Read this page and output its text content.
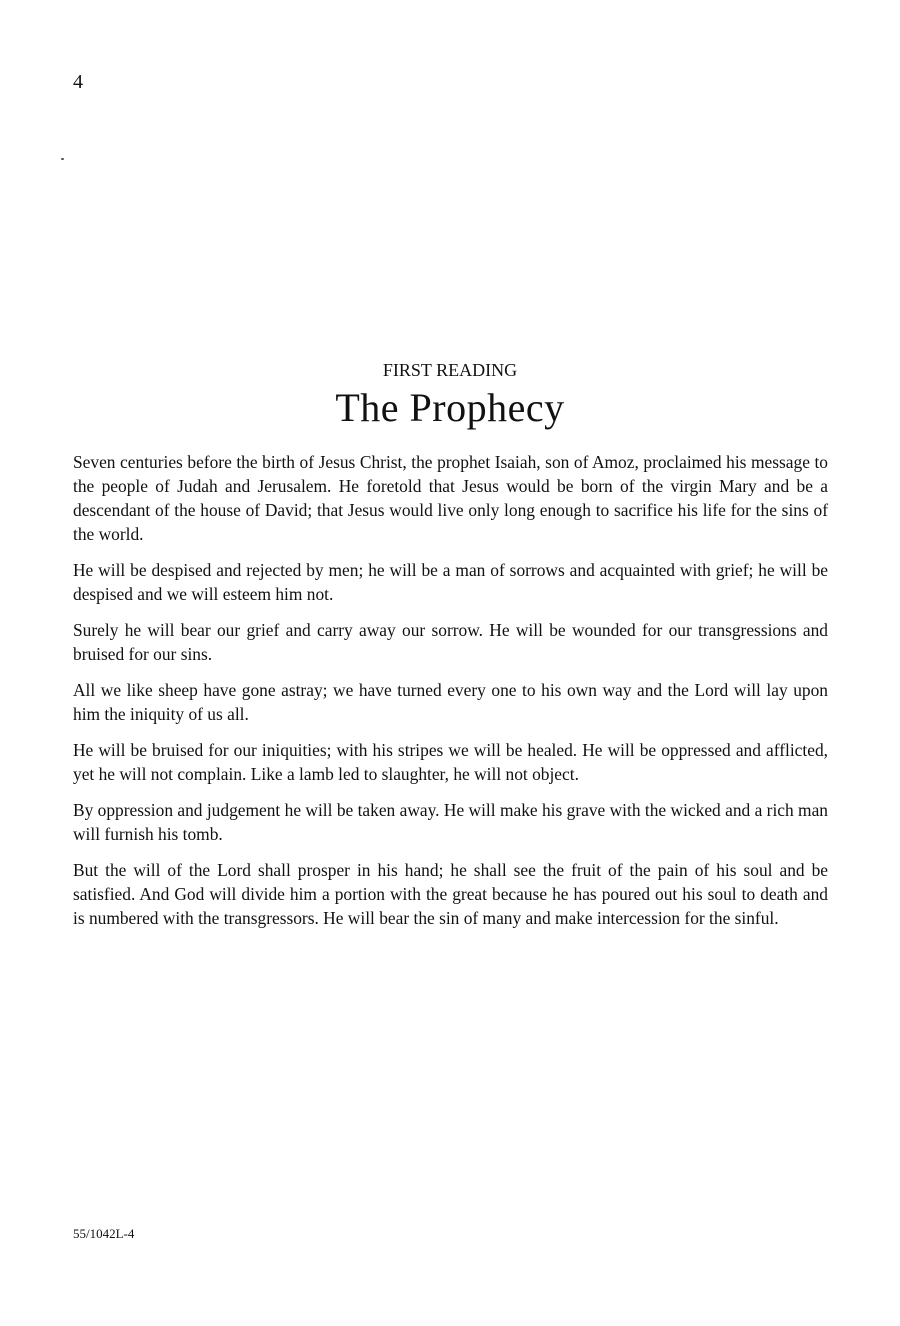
4
FIRST READING
The Prophecy

Seven centuries before the birth of Jesus Christ, the prophet Isaiah, son of Amoz, proclaimed his message to the people of Judah and Jerusalem. He foretold that Jesus would be born of the virgin Mary and be a descendant of the house of David; that Jesus would live only long enough to sacrifice his life for the sins of the world.

He will be despised and rejected by men; he will be a man of sorrows and acquainted with grief; he will be despised and we will esteem him not.

Surely he will bear our grief and carry away our sorrow. He will be wounded for our transgressions and bruised for our sins.

All we like sheep have gone astray; we have turned every one to his own way and the Lord will lay upon him the iniquity of us all.

He will be bruised for our iniquities; with his stripes we will be healed. He will be oppressed and afflicted, yet he will not complain. Like a lamb led to slaughter, he will not object.

By oppression and judgement he will be taken away. He will make his grave with the wicked and a rich man will furnish his tomb.

But the will of the Lord shall prosper in his hand; he shall see the fruit of the pain of his soul and be satisfied. And God will divide him a portion with the great because he has poured out his soul to death and is numbered with the transgressors. He will bear the sin of many and make intercession for the sinful.

55/1042L-4
